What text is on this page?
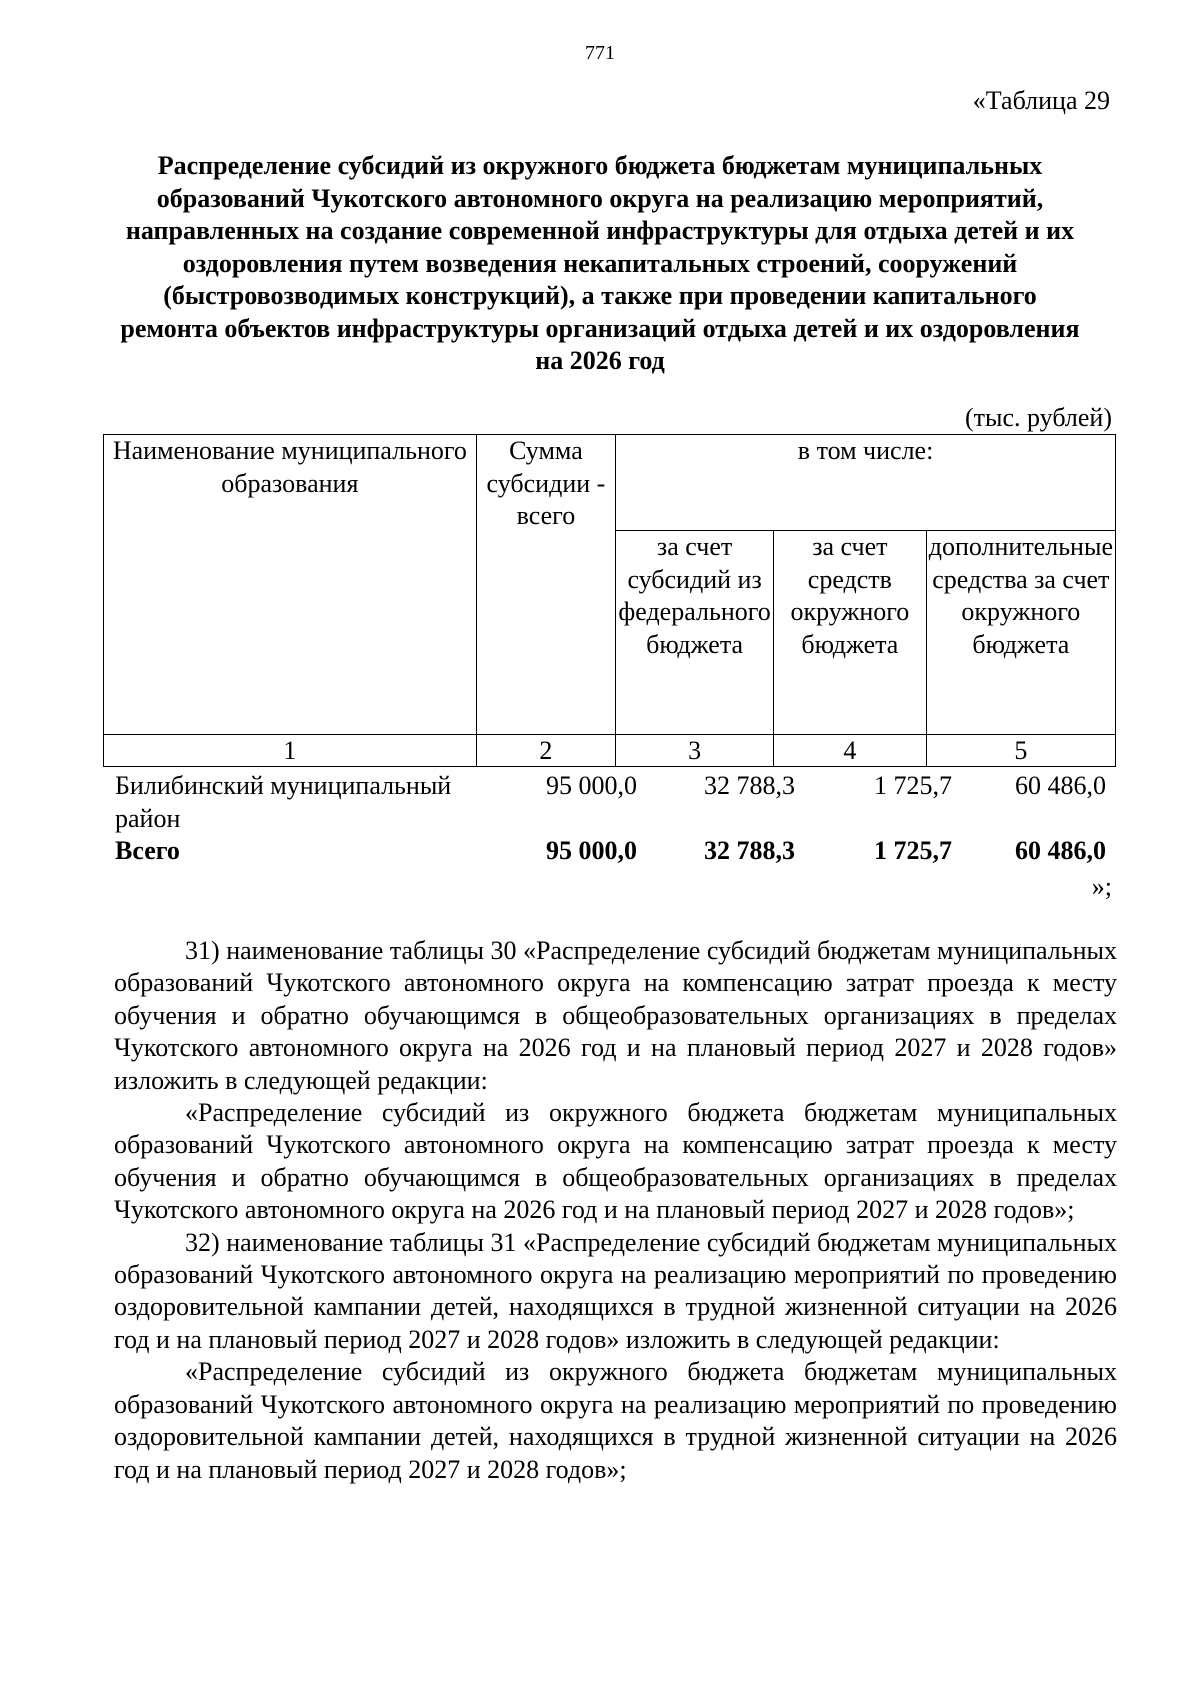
771
«Таблица 29
Распределение субсидий из окружного бюджета бюджетам муниципальных образований Чукотского автономного округа на реализацию мероприятий, направленных на создание современной инфраструктуры для отдыха детей и их оздоровления путем возведения некапитальных строений, сооружений (быстровозводимых конструкций), а также при проведении капитального ремонта объектов инфраструктуры организаций отдыха детей и их оздоровления на 2026 год
(тыс. рублей)
Наименование муниципального образования	Сумма субсидии - всего	в том числе:		
		за счет субсидий из федерального бюджета	за счет средств окружного бюджета	дополнительные средства за счет окружного бюджета
1	2	3	4	5
Билибинский муниципальный район	95 000,0	32 788,3	1 725,7	60 486,0
Всего	95 000,0	32 788,3	1 725,7	60 486,0
»;

31) наименование таблицы 30 «Распределение субсидий бюджетам муниципальных образований Чукотского автономного округа на компенсацию затрат проезда к месту обучения и обратно обучающимся в общеобразовательных организациях в пределах Чукотского автономного округа на 2026 год и на плановый период 2027 и 2028 годов» изложить в следующей редакции:

«Распределение субсидий из окружного бюджета бюджетам муниципальных образований Чукотского автономного округа на компенсацию затрат проезда к месту обучения и обратно обучающимся в общеобразовательных организациях в пределах Чукотского автономного округа на 2026 год и на плановый период 2027 и 2028 годов»;

32) наименование таблицы 31 «Распределение субсидий бюджетам муниципальных образований Чукотского автономного округа на реализацию мероприятий по проведению оздоровительной кампании детей, находящихся в трудной жизненной ситуации на 2026 год и на плановый период 2027 и 2028 годов» изложить в следующей редакции:

«Распределение субсидий из окружного бюджета бюджетам муниципальных образований Чукотского автономного округа на реализацию мероприятий по проведению оздоровительной кампании детей, находящихся в трудной жизненной ситуации на 2026 год и на плановый период 2027 и 2028 годов»;
